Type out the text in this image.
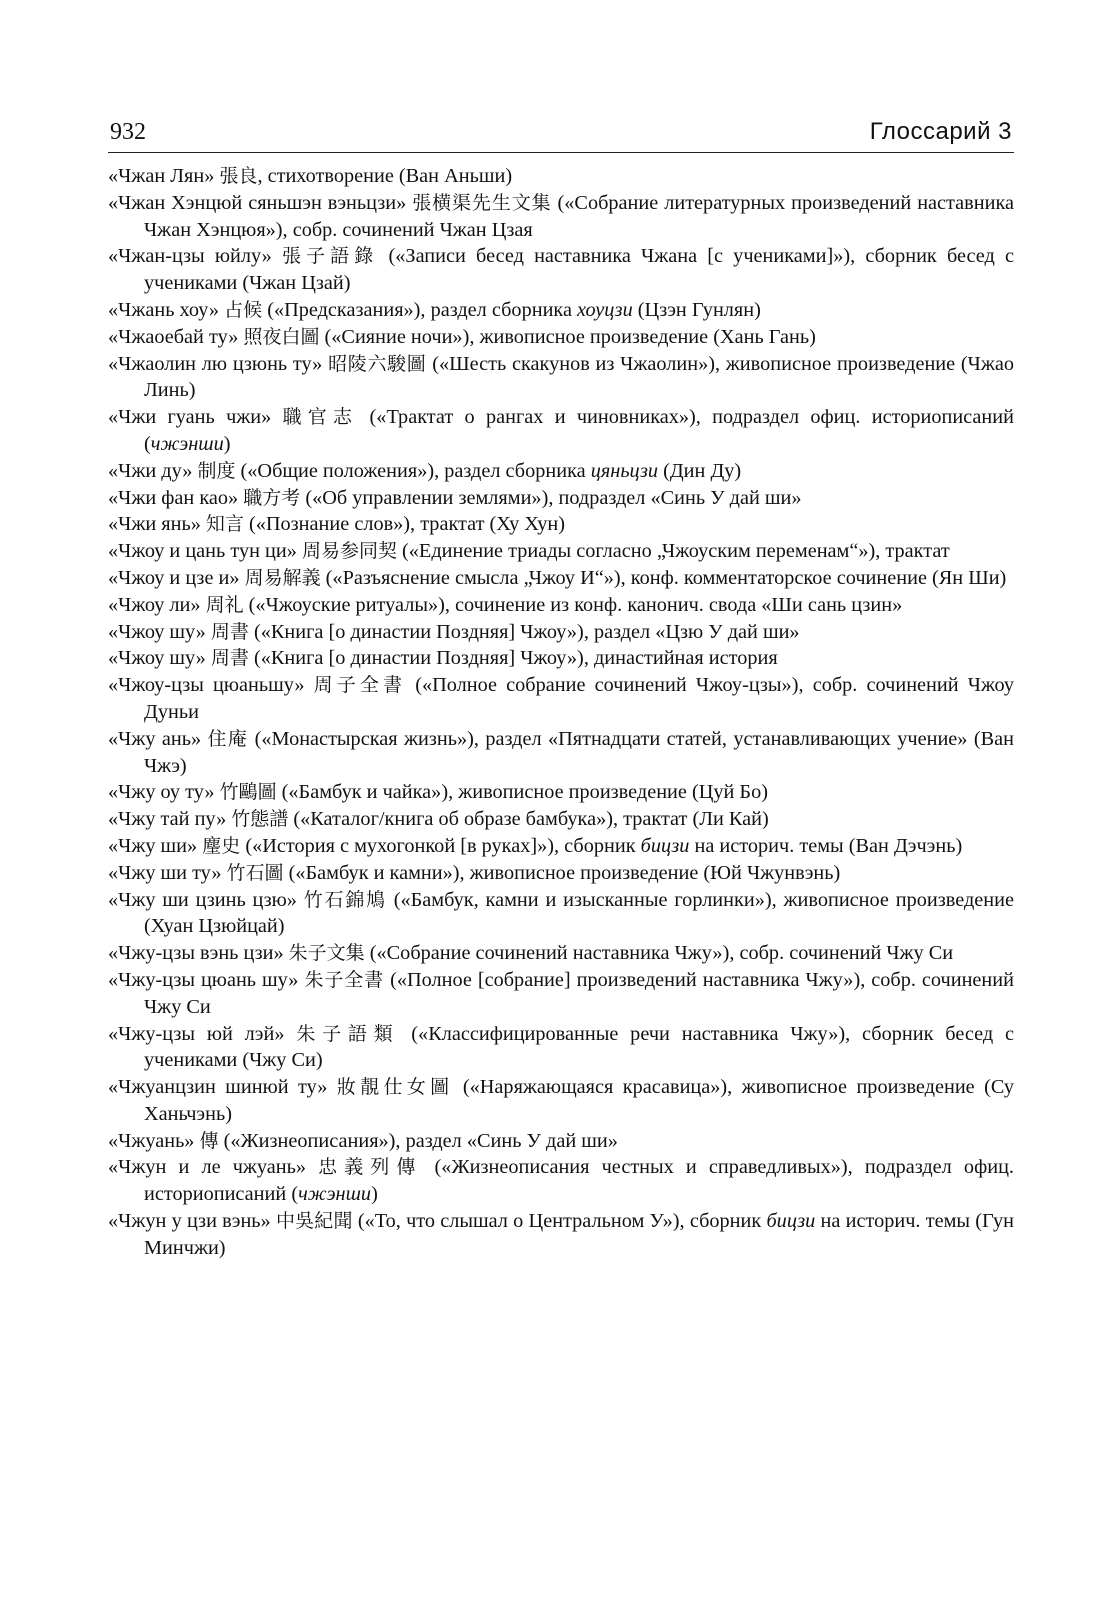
932	Глоссарий 3
«Чжан Лян» 張良, стихотворение (Ван Аньши)
«Чжан Хэнцюй сяньшэн вэньцзи» 張横渠先生文集 («Собрание литературных произведений наставника Чжан Хэнцюя»), собр. сочинений Чжан Цзая
«Чжан-цзы юйлу» 張子語錄 («Записи бесед наставника Чжана [с учениками]»), сборник бесед с учениками (Чжан Цзай)
«Чжань хоу» 占候 («Предсказания»), раздел сборника хоуцзи (Цзэн Гунлян)
«Чжаоебай ту» 照夜白圖 («Сияние ночи»), живописное произведение (Хань Гань)
«Чжаолин лю цзюнь ту» 昭陵六駿圖 («Шесть скакунов из Чжаолин»), живописное произведение (Чжао Линь)
«Чжи гуань чжи» 職官志 («Трактат о рангах и чиновниках»), подраздел офиц. историописаний (чжэнши)
«Чжи ду» 制度 («Общие положения»), раздел сборника цяньцзи (Дин Ду)
«Чжи фан као» 職方考 («Об управлении землями»), подраздел «Синь У дай ши»
«Чжи янь» 知言 («Познание слов»), трактат (Ху Хун)
«Чжоу и цань тун ци» 周易参同契 («Единение триады согласно „Чжоуским переменам“»), трактат
«Чжоу и цзе и» 周易解義 («Разъяснение смысла „Чжоу И“»), конф. комментаторское сочинение (Ян Ши)
«Чжоу ли» 周礼 («Чжоуские ритуалы»), сочинение из конф. канонич. свода «Ши сань цзин»
«Чжоу шу» 周書 («Книга [о династии Поздняя] Чжоу»), раздел «Цзю У дай ши»
«Чжоу шу» 周書 («Книга [о династии Поздняя] Чжоу»), династийная история
«Чжоу-цзы цюаньшу» 周子全書 («Полное собрание сочинений Чжоу-цзы»), собр. сочинений Чжоу Дуньи
«Чжу ань» 住庵 («Монастырская жизнь»), раздел «Пятнадцати статей, устанавливающих учение» (Ван Чжэ)
«Чжу оу ту» 竹鷗圖 («Бамбук и чайка»), живописное произведение (Цуй Бо)
«Чжу тай пу» 竹態譜 («Каталог/книга об образе бамбука»), трактат (Ли Кай)
«Чжу ши» 麈史 («История с мухогонкой [в руках]»), сборник бицзи на историч. темы (Ван Дэчэнь)
«Чжу ши ту» 竹石圖 («Бамбук и камни»), живописное произведение (Юй Чжунвэнь)
«Чжу ши цзинь цзю» 竹石錦鳩 («Бамбук, камни и изысканные горлинки»), живописное произведение (Хуан Цзюйцай)
«Чжу-цзы вэнь цзи» 朱子文集 («Собрание сочинений наставника Чжу»), собр. сочинений Чжу Си
«Чжу-цзы цюань шу» 朱子全書 («Полное [собрание] произведений наставника Чжу»), собр. сочинений Чжу Си
«Чжу-цзы юй лэй» 朱子語類 («Классифицированные речи наставника Чжу»), сборник бесед с учениками (Чжу Си)
«Чжуанцзин шинюй ту» 妝靚仕女圖 («Наряжающаяся красавица»), живописное произведение (Су Ханьчэнь)
«Чжуань» 傳 («Жизнеописания»), раздел «Синь У дай ши»
«Чжун и ле чжуань» 忠義列傳 («Жизнеописания честных и справедливых»), подраздел офиц. историописаний (чжэнши)
«Чжун у цзи вэнь» 中吳紀聞 («То, что слышал о Центральном У»), сборник бицзи на историч. темы (Гун Минчжи)
